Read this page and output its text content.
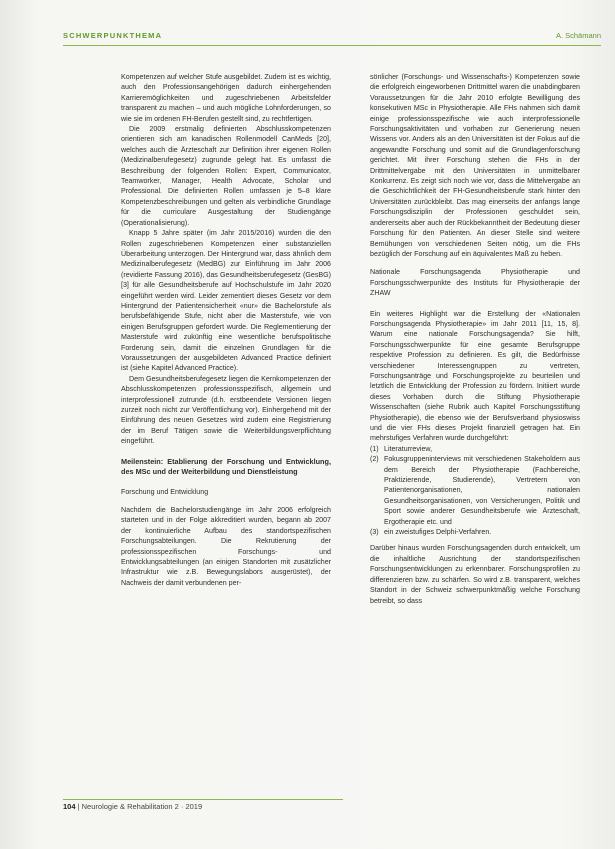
SCHWERPUNKTHEMA	A. Schämann

Kompetenzen auf welcher Stufe ausgebildet. Zudem ist es wichtig, auch den Professionsangehörigen dadurch einhergehenden Karrieremöglichkeiten und zugeschriebenen Arbeitsfelder transparent zu machen – und auch mögliche Lohnforderungen, so wie sie im ordenen FH-Berufen gestellt sind, zu rechtfertigen.

Die 2009 erstmalig definierten Abschlusskompetenzen orientieren sich am kanadischen Rollenmodell CanMeds [20], welches auch die Ärzteschaft zur Definition ihrer eigenen Rollen (Medizinalberufegesetz) zugrunde gelegt hat. Es umfasst die Beschreibung der folgenden Rollen: Expert, Communicator, Teamworker, Manager, Health Advocate, Scholar und Professional. Die definierten Rollen umfassen je 5–8 klare Kompetenzbeschreibungen und gelten als verbindliche Grundlage für die curriculare Ausgestaltung der Studiengänge (Operationalisierung).

Knapp 5 Jahre später (im Jahr 2015/2016) wurden die den Rollen zugeschriebenen Kompetenzen einer substanziellen Überarbeitung unterzogen. Der Hintergrund war, dass ähnlich dem Medizinalberufegesetz (MedBG) zur Einführung im Jahr 2006 (revidierte Fassung 2016), das Gesundheitsberufegesetz (GesBG) [3] für alle Gesundheitsberufe auf Hochschulstufe im Jahr 2020 eingeführt werden wird. Leider zementiert dieses Gesetz vor dem Hintergrund der Patientensicherheit «nur» die Bachelorstufe als berufsbefähigende Stufe, nicht aber die Masterstufe, wie von einigen Berufsgruppen gefordert wurde. Die Reglementierung der Masterstufe wird zukünftig eine wesentliche berufspolitische Forderung sein, damit die einzelnen Grundlagen für die Voraussetzungen der ausgebildeten Advanced Practice definiert ist (siehe Kapitel Advanced Practice).

Dem Gesundheitsberufegesetz liegen die Kernkompetenzen der Abschlusskompetenzen professionsspezifisch, allgemein und interprofessionell zutrunde (d.h. erstbeendete Versionen liegen zurzeit noch nicht zur Veröffentlichung vor). Einhergehend mit der Einführung des neuen Gesetzes wird zudem eine Registrierung der im Beruf Tätigen sowie die Weiterbildungsverpflichtung eingeführt.

Meilenstein: Etablierung der Forschung und Entwicklung, des MSc und der Weiterbildung und Dienstleistung
Forschung und Entwicklung

Nachdem die Bachelorstudiengänge im Jahr 2006 erfolgreich starteten und in der Folge akkreditiert wurden, begann ab 2007 der kontinuierliche Aufbau des standortspezifischen Forschungsabteilungen. Die Rekrutierung der professionsspezifischen Forschungs- und Entwicklungsabteilungen (an einigen Standorten mit zusätzlicher Infrastruktur wie z.B. Bewegungslabors ausgerüstet), der Nachweis der damit verbundenen per-

sönlicher (Forschungs- und Wissenschafts-) Kompetenzen sowie die erfolgreich eingeworbenen Drittmittel waren die unabdingbaren Voraussetzungen für die Jahr 2010 erfolgte Bewilligung des konsekutiven MSc in Physiotherapie. Alle FHs nahmen sich damit einige professionsspezifische wie auch interprofessionelle Forschungsaktivitäten und vorhaben zur Generierung neuen Wissens vor. Anders als an den Universitäten ist der Fokus auf die angewandte Forschung und somit auf die Grundlagenforschung gerichtet. Mit ihrer Forschung stehen die FHs in der Drittmittelvergabe mit den Universitäten in unmittelbarer Konkurrenz. Es zeigt sich noch wie vor, dass die Mittelvergabe an die Geschichtlichkeit der FH-Gesundheitsberufe stark hinter den Universitäten zurückbleibt. Das mag einerseits der anfangs lange Forschungsdisziplin der Professionen geschuldet sein, andererseits aber auch der Rückbekanntheit der Bedeutung dieser Forschung für den Patienten. An dieser Stelle sind weitere Bemühungen von verschiedenen Seiten nötig, um die FHs bezüglich der Forschung auf ein äquivalentes Maß zu heben.

Nationale Forschungsagenda Physiotherapie und Forschungsschwerpunkte des Instituts für Physiotherapie der ZHAW

Ein weiteres Highlight war die Erstellung der «Nationalen Forschungsagenda Physiotherapie» im Jahr 2011 [11, 15, 8]. Warum eine nationale Forschungsagenda? Sie hilft, Forschungsschwerpunkte für eine gesamte Berufsgruppe respektive Profession zu definieren. Es gilt, die Bedürfnisse verschiedener Interessengruppen zu vertreten, Forschungsanträge und Forschungsprojekte zu beurteilen und letztlich die Entwicklung der Profession zu fördern. Initiiert wurde dieses Vorhaben durch die Stiftung Physiotherapie Wissenschaften (siehe Rubrik auch Kapitel Forschungsstiftung Physiotherapie), die ebenso wie der Berufsverband physioswiss und die vier FHs dieses Projekt finanziell getragen hat. Ein mehrstufiges Verfahren wurde durchgeführt:

(1) Literaturreview,
(2) Fokusgruppeninterviews mit verschiedenen Stakeholdern aus dem Bereich der Physiotherapie (Fachbereiche, Praktizierende, Studierende), Vertretern von Patientenorganisationen, nationalen Gesundheitsorganisationen, von Versicherungen, Politik und Sport sowie anderer Gesundheitsberufe wie Ärzteschaft, Ergotherapie etc. und
(3) ein zweistufiges Delphi-Verfahren.

Darüber hinaus wurden Forschungsagenden durch entwickelt, um die inhaltliche Ausrichtung der standortspezifischen Forschungsentwicklungen zu erkennbarer. Forschungsprofilen zu differenzieren bzw. zu schärfen. So wird z.B. transparent, welches Standort in der Schweiz schwerpunktmäßig welche Forschung betreibt, so dass

104 | Neurologie & Rehabilitation 2 · 2019
